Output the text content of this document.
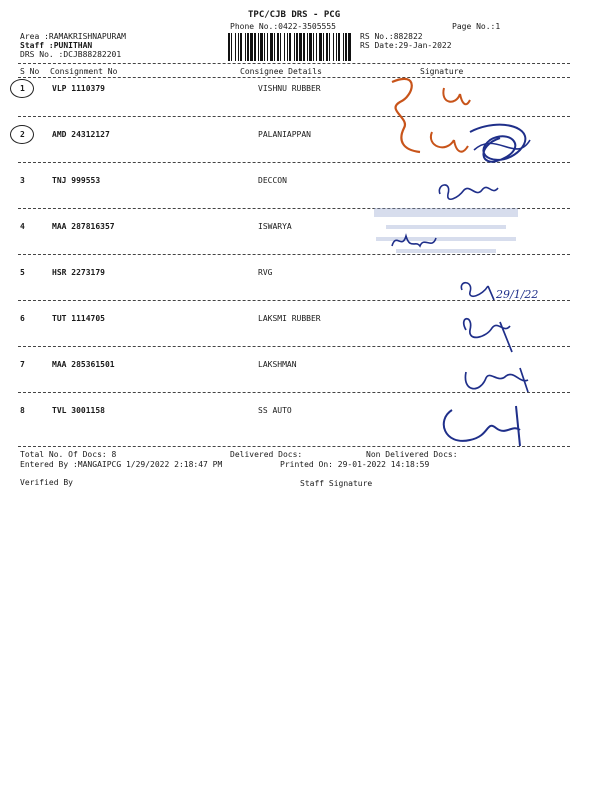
TPC/CJB DRS - PCG
Phone No.:0422-3505555	Page No.:1
Area :RAMAKRISHNAPURAM
Staff :PUNITHAN
DRS No. :DCJB88282201
RS No.:882822
RS Date:29-Jan-2022
S No Consignment No	Consignee Details	Signature
1	VLP 1110379	VISHNU RUBBER
2	AMD 24312127	PALANIAPPAN
3	TNJ 999553	DECCON
4	MAA 287816357	ISWARYA
5	HSR 2273179	RVG
6	TUT 1114705	LAKSMI RUBBER
7	MAA 285361501	LAKSHMAN
8	TVL 3001158	SS AUTO
Total No. Of Docs: 8	Delivered Docs:	Non Delivered Docs:
Entered By :MANGAIPCG 1/29/2022 2:18:47 PM	Printed On: 29-01-2022 14:18:59
Verified By	Staff Signature
29/1/22
